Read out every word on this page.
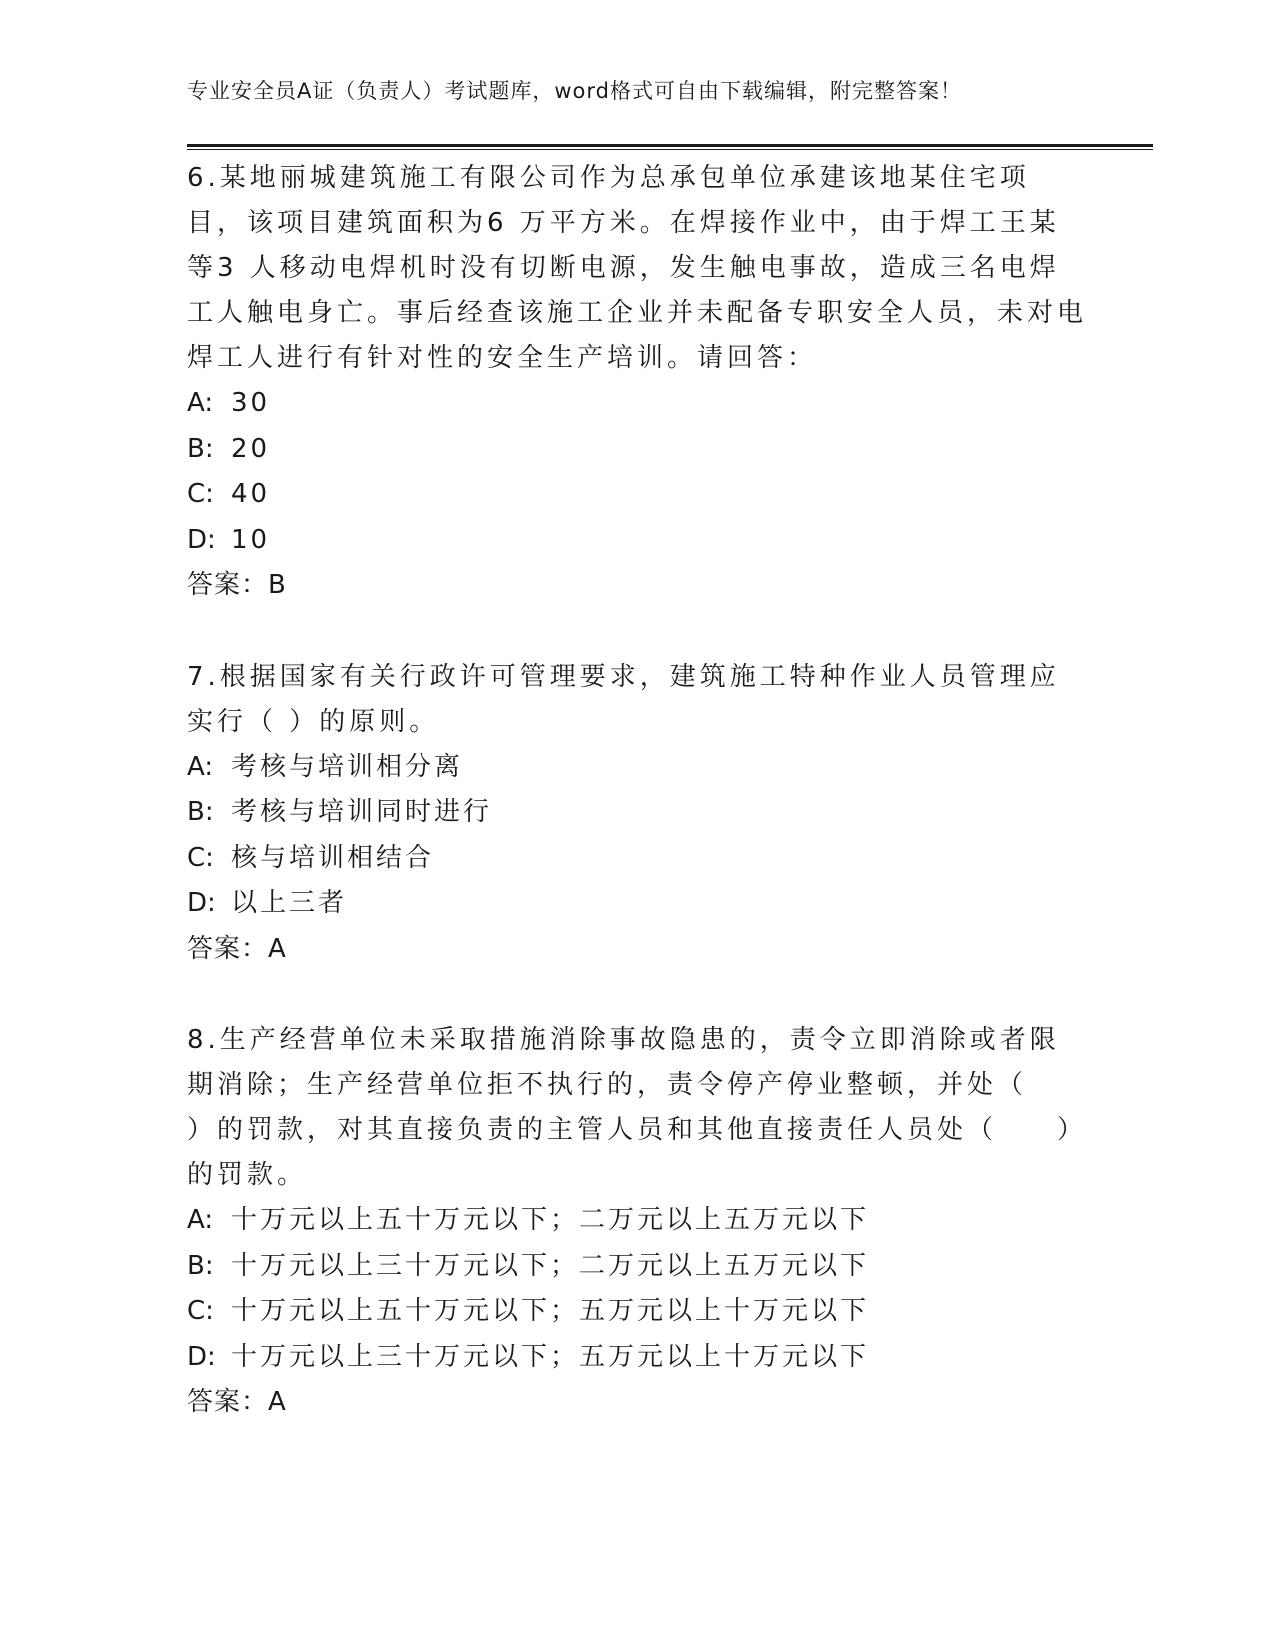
专业安全员A证（负责人）考试题库，word格式可自由下载编辑，附完整答案！

6.某地丽城建筑施工有限公司作为总承包单位承建该地某住宅项目，该项目建筑面积为6 万平方米。在焊接作业中，由于焊工王某等3 人移动电焊机时没有切断电源，发生触电事故，造成三名电焊工人触电身亡。事后经查该施工企业并未配备专职安全人员，未对电焊工人进行有针对性的安全生产培训。请回答：

A: 30

B: 20

C: 40

D: 10

答案：B

7.根据国家有关行政许可管理要求，建筑施工特种作业人员管理应实行（ ）的原则。

A: 考核与培训相分离

B: 考核与培训同时进行

C: 核与培训相结合

D: 以上三者

答案：A

8.生产经营单位未采取措施消除事故隐患的，责令立即消除或者限期消除；生产经营单位拒不执行的，责令停产停业整顿，并处（　　）的罚款，对其直接负责的主管人员和其他直接责任人员处（　　）的罚款。

A: 十万元以上五十万元以下；二万元以上五万元以下

B: 十万元以上三十万元以下；二万元以上五万元以下

C: 十万元以上五十万元以下；五万元以上十万元以下

D: 十万元以上三十万元以下；五万元以上十万元以下

答案：A
